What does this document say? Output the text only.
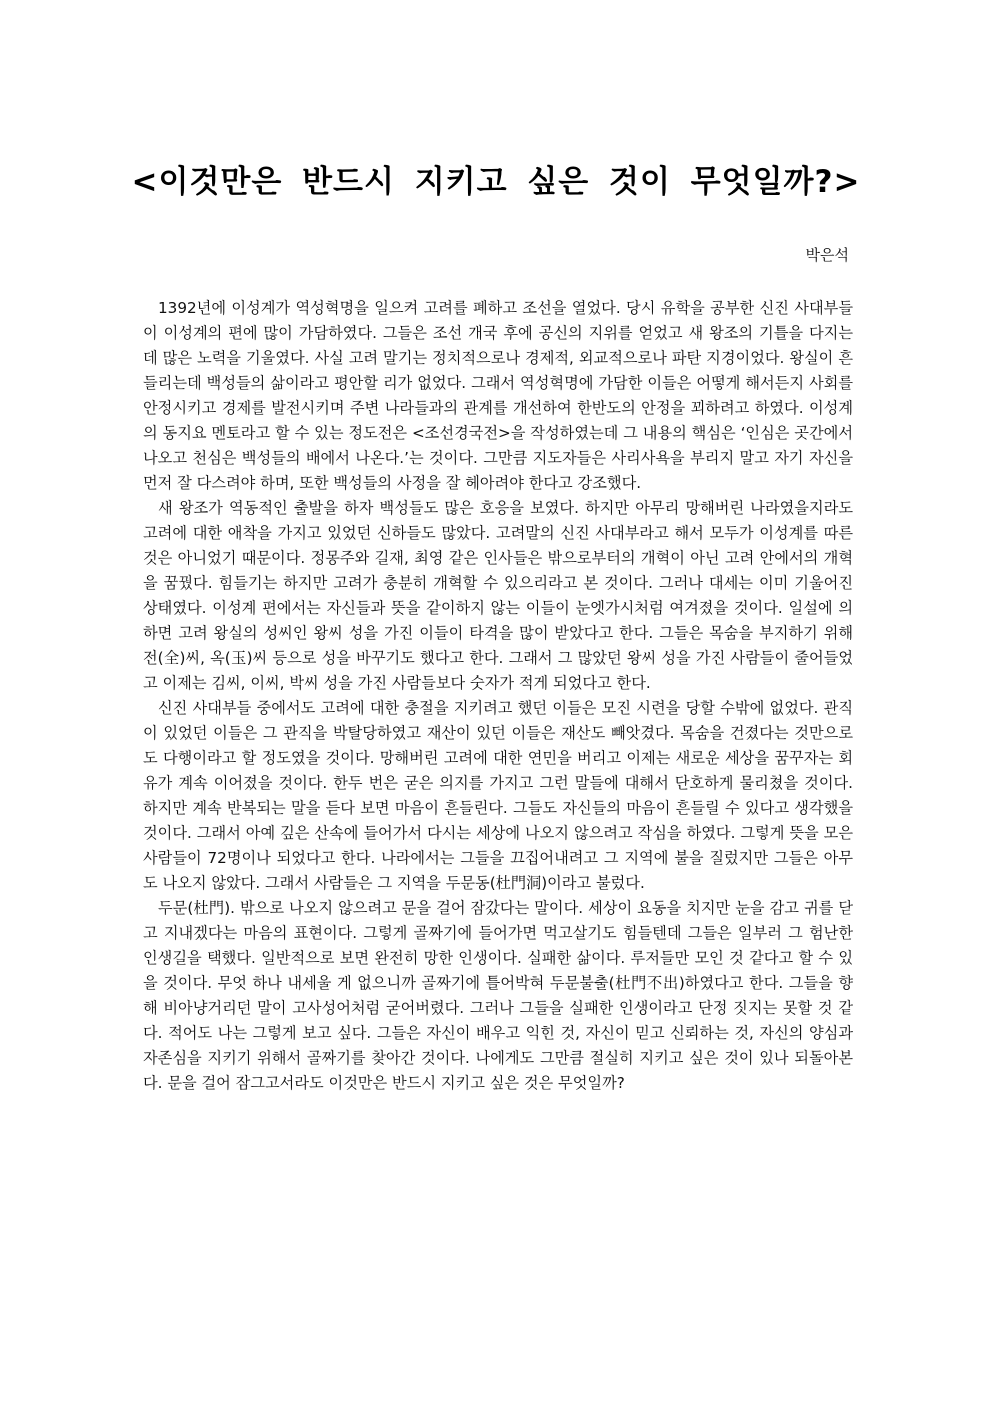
<이것만은 반드시 지키고 싶은 것이 무엇일까?>
박은석

1392년에 이성계가 역성혁명을 일으켜 고려를 폐하고 조선을 열었다. 당시 유학을 공부한 신진 사대부들이 이성계의 편에 많이 가담하였다. 그들은 조선 개국 후에 공신의 지위를 얻었고 새 왕조의 기틀을 다지는 데 많은 노력을 기울였다. 사실 고려 말기는 정치적으로나 경제적, 외교적으로나 파탄 지경이었다. 왕실이 흔들리는데 백성들의 삶이라고 평안할 리가 없었다. 그래서 역성혁명에 가담한 이들은 어떻게 해서든지 사회를 안정시키고 경제를 발전시키며 주변 나라들과의 관계를 개선하여 한반도의 안정을 꾀하려고 하였다. 이성계의 동지요 멘토라고 할 수 있는 정도전은 <조선경국전>을 작성하였는데 그 내용의 핵심은 ‘인심은 곳간에서 나오고 천심은 백성들의 배에서 나온다.’는 것이다. 그만큼 지도자들은 사리사욕을 부리지 말고 자기 자신을 먼저 잘 다스려야 하며, 또한 백성들의 사정을 잘 헤아려야 한다고 강조했다.

새 왕조가 역동적인 출발을 하자 백성들도 많은 호응을 보였다. 하지만 아무리 망해버린 나라였을지라도 고려에 대한 애착을 가지고 있었던 신하들도 많았다. 고려말의 신진 사대부라고 해서 모두가 이성계를 따른 것은 아니었기 때문이다. 정몽주와 길재, 최영 같은 인사들은 밖으로부터의 개혁이 아닌 고려 안에서의 개혁을 꿈꿨다. 힘들기는 하지만 고려가 충분히 개혁할 수 있으리라고 본 것이다. 그러나 대세는 이미 기울어진 상태였다. 이성계 편에서는 자신들과 뜻을 같이하지 않는 이들이 눈엣가시처럼 여겨졌을 것이다. 일설에 의하면 고려 왕실의 성씨인 왕씨 성을 가진 이들이 타격을 많이 받았다고 한다. 그들은 목숨을 부지하기 위해 전(全)씨, 옥(玉)씨 등으로 성을 바꾸기도 했다고 한다. 그래서 그 많았던 왕씨 성을 가진 사람들이 줄어들었고 이제는 김씨, 이씨, 박씨 성을 가진 사람들보다 숫자가 적게 되었다고 한다.

신진 사대부들 중에서도 고려에 대한 충절을 지키려고 했던 이들은 모진 시련을 당할 수밖에 없었다. 관직이 있었던 이들은 그 관직을 박탈당하였고 재산이 있던 이들은 재산도 빼앗겼다. 목숨을 건졌다는 것만으로도 다행이라고 할 정도였을 것이다. 망해버린 고려에 대한 연민을 버리고 이제는 새로운 세상을 꿈꾸자는 회유가 계속 이어졌을 것이다. 한두 번은 굳은 의지를 가지고 그런 말들에 대해서 단호하게 물리쳤을 것이다. 하지만 계속 반복되는 말을 듣다 보면 마음이 흔들린다. 그들도 자신들의 마음이 흔들릴 수 있다고 생각했을 것이다. 그래서 아예 깊은 산속에 들어가서 다시는 세상에 나오지 않으려고 작심을 하였다. 그렇게 뜻을 모은 사람들이 72명이나 되었다고 한다. 나라에서는 그들을 끄집어내려고 그 지역에 불을 질렀지만 그들은 아무도 나오지 않았다. 그래서 사람들은 그 지역을 두문동(杜門洞)이라고 불렀다.

두문(杜門). 밖으로 나오지 않으려고 문을 걸어 잠갔다는 말이다. 세상이 요동을 치지만 눈을 감고 귀를 닫고 지내겠다는 마음의 표현이다. 그렇게 골짜기에 들어가면 먹고살기도 힘들텐데 그들은 일부러 그 험난한 인생길을 택했다. 일반적으로 보면 완전히 망한 인생이다. 실패한 삶이다. 루저들만 모인 것 같다고 할 수 있을 것이다. 무엇 하나 내세울 게 없으니까 골짜기에 틀어박혀 두문불출(杜門不出)하였다고 한다. 그들을 향해 비아냥거리던 말이 고사성어처럼 굳어버렸다. 그러나 그들을 실패한 인생이라고 단정 짓지는 못할 것 같다. 적어도 나는 그렇게 보고 싶다. 그들은 자신이 배우고 익힌 것, 자신이 믿고 신뢰하는 것, 자신의 양심과 자존심을 지키기 위해서 골짜기를 찾아간 것이다. 나에게도 그만큼 절실히 지키고 싶은 것이 있나 되돌아본다. 문을 걸어 잠그고서라도 이것만은 반드시 지키고 싶은 것은 무엇일까?
